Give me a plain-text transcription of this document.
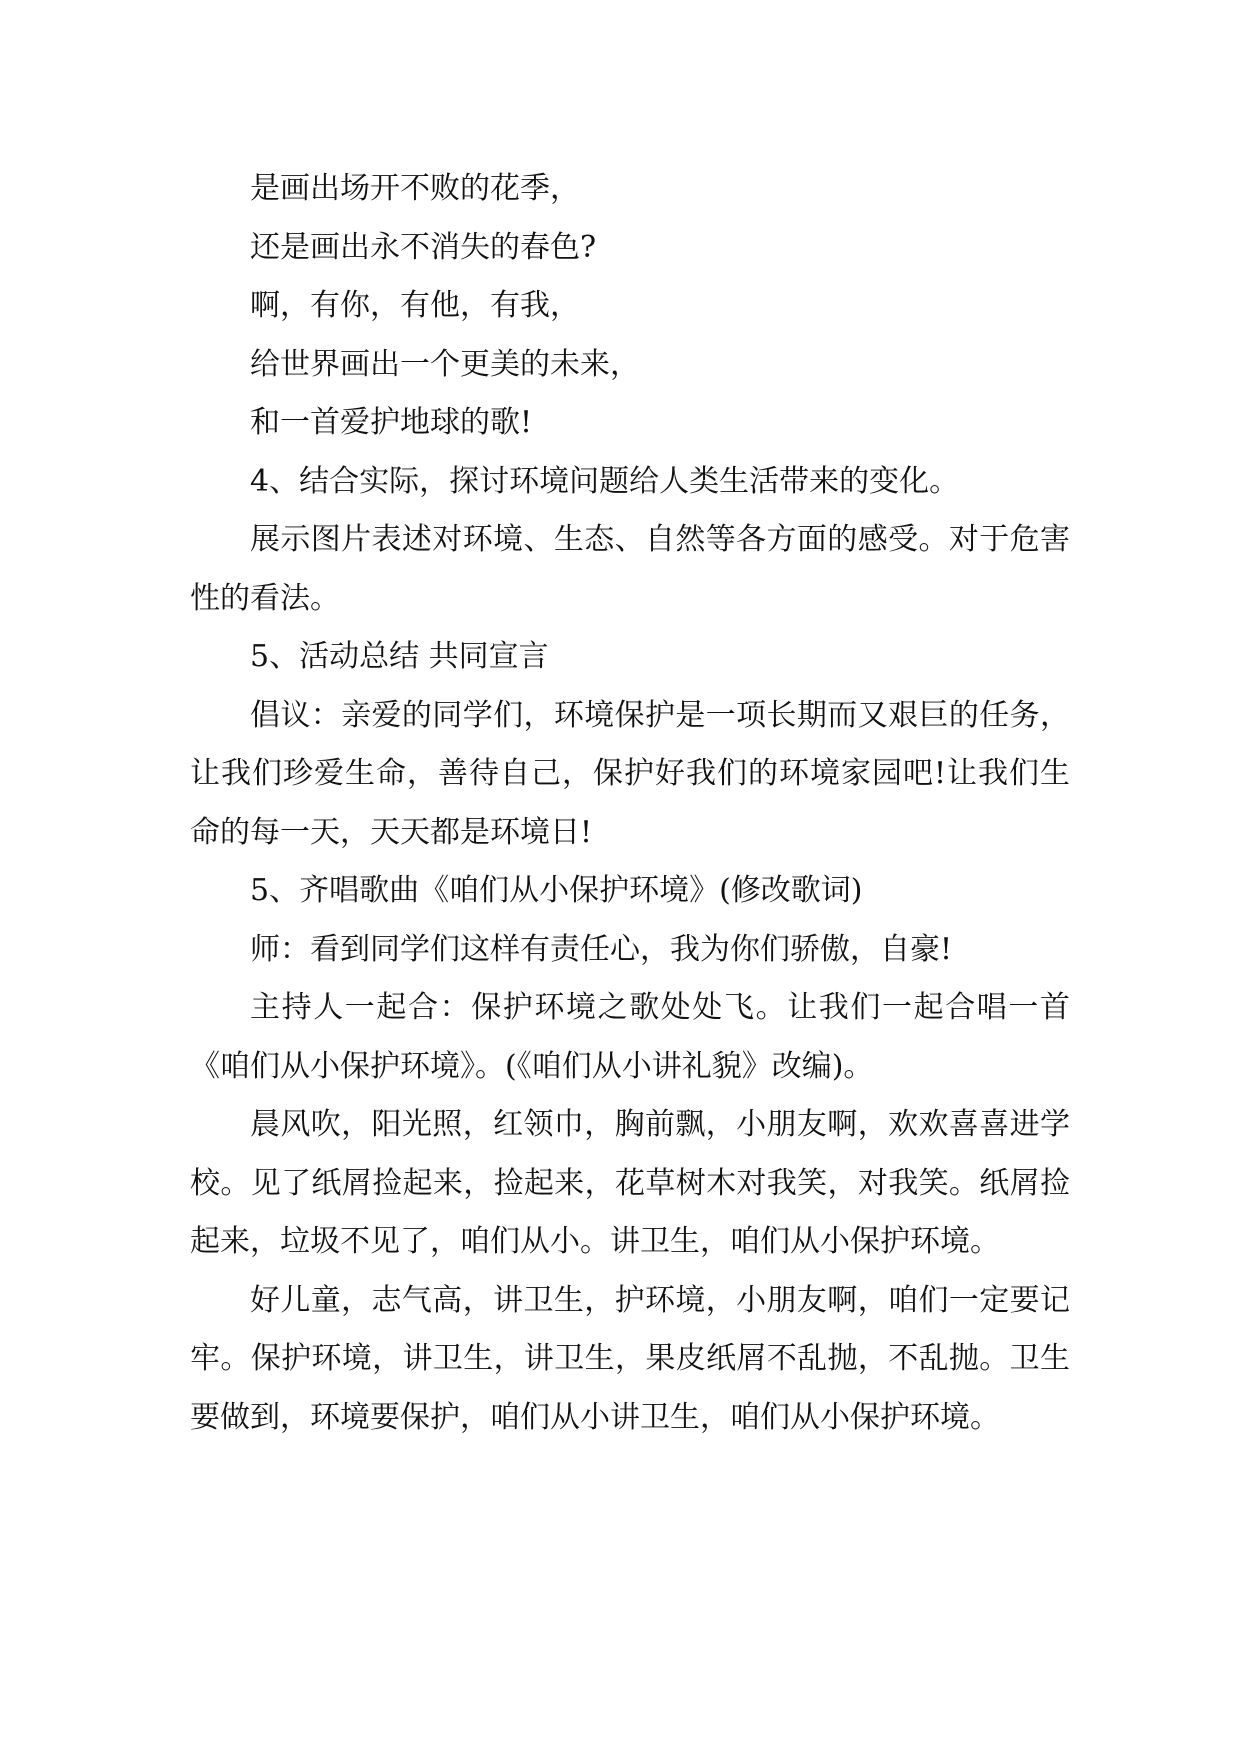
是画出场开不败的花季，

还是画出永不消失的春色?

啊，有你，有他，有我，

给世界画出一个更美的未来，

和一首爱护地球的歌!

4、结合实际，探讨环境问题给人类生活带来的变化。

展示图片表述对环境、生态、自然等各方面的感受。对于危害性的看法。

5、活动总结 共同宣言

倡议：亲爱的同学们，环境保护是一项长期而又艰巨的任务，让我们珍爱生命，善待自己，保护好我们的环境家园吧!让我们生命的每一天，天天都是环境日!

5、齐唱歌曲《咱们从小保护环境》(修改歌词)

师：看到同学们这样有责任心，我为你们骄傲，自豪!

主持人一起合：保护环境之歌处处飞。让我们一起合唱一首《咱们从小保护环境》。(《咱们从小讲礼貌》改编)。

晨风吹，阳光照，红领巾，胸前飘，小朋友啊，欢欢喜喜进学校。见了纸屑捡起来，捡起来，花草树木对我笑，对我笑。纸屑捡起来，垃圾不见了，咱们从小。讲卫生，咱们从小保护环境。

好儿童，志气高，讲卫生，护环境，小朋友啊，咱们一定要记牢。保护环境，讲卫生，讲卫生，果皮纸屑不乱抛，不乱抛。卫生要做到，环境要保护，咱们从小讲卫生，咱们从小保护环境。
